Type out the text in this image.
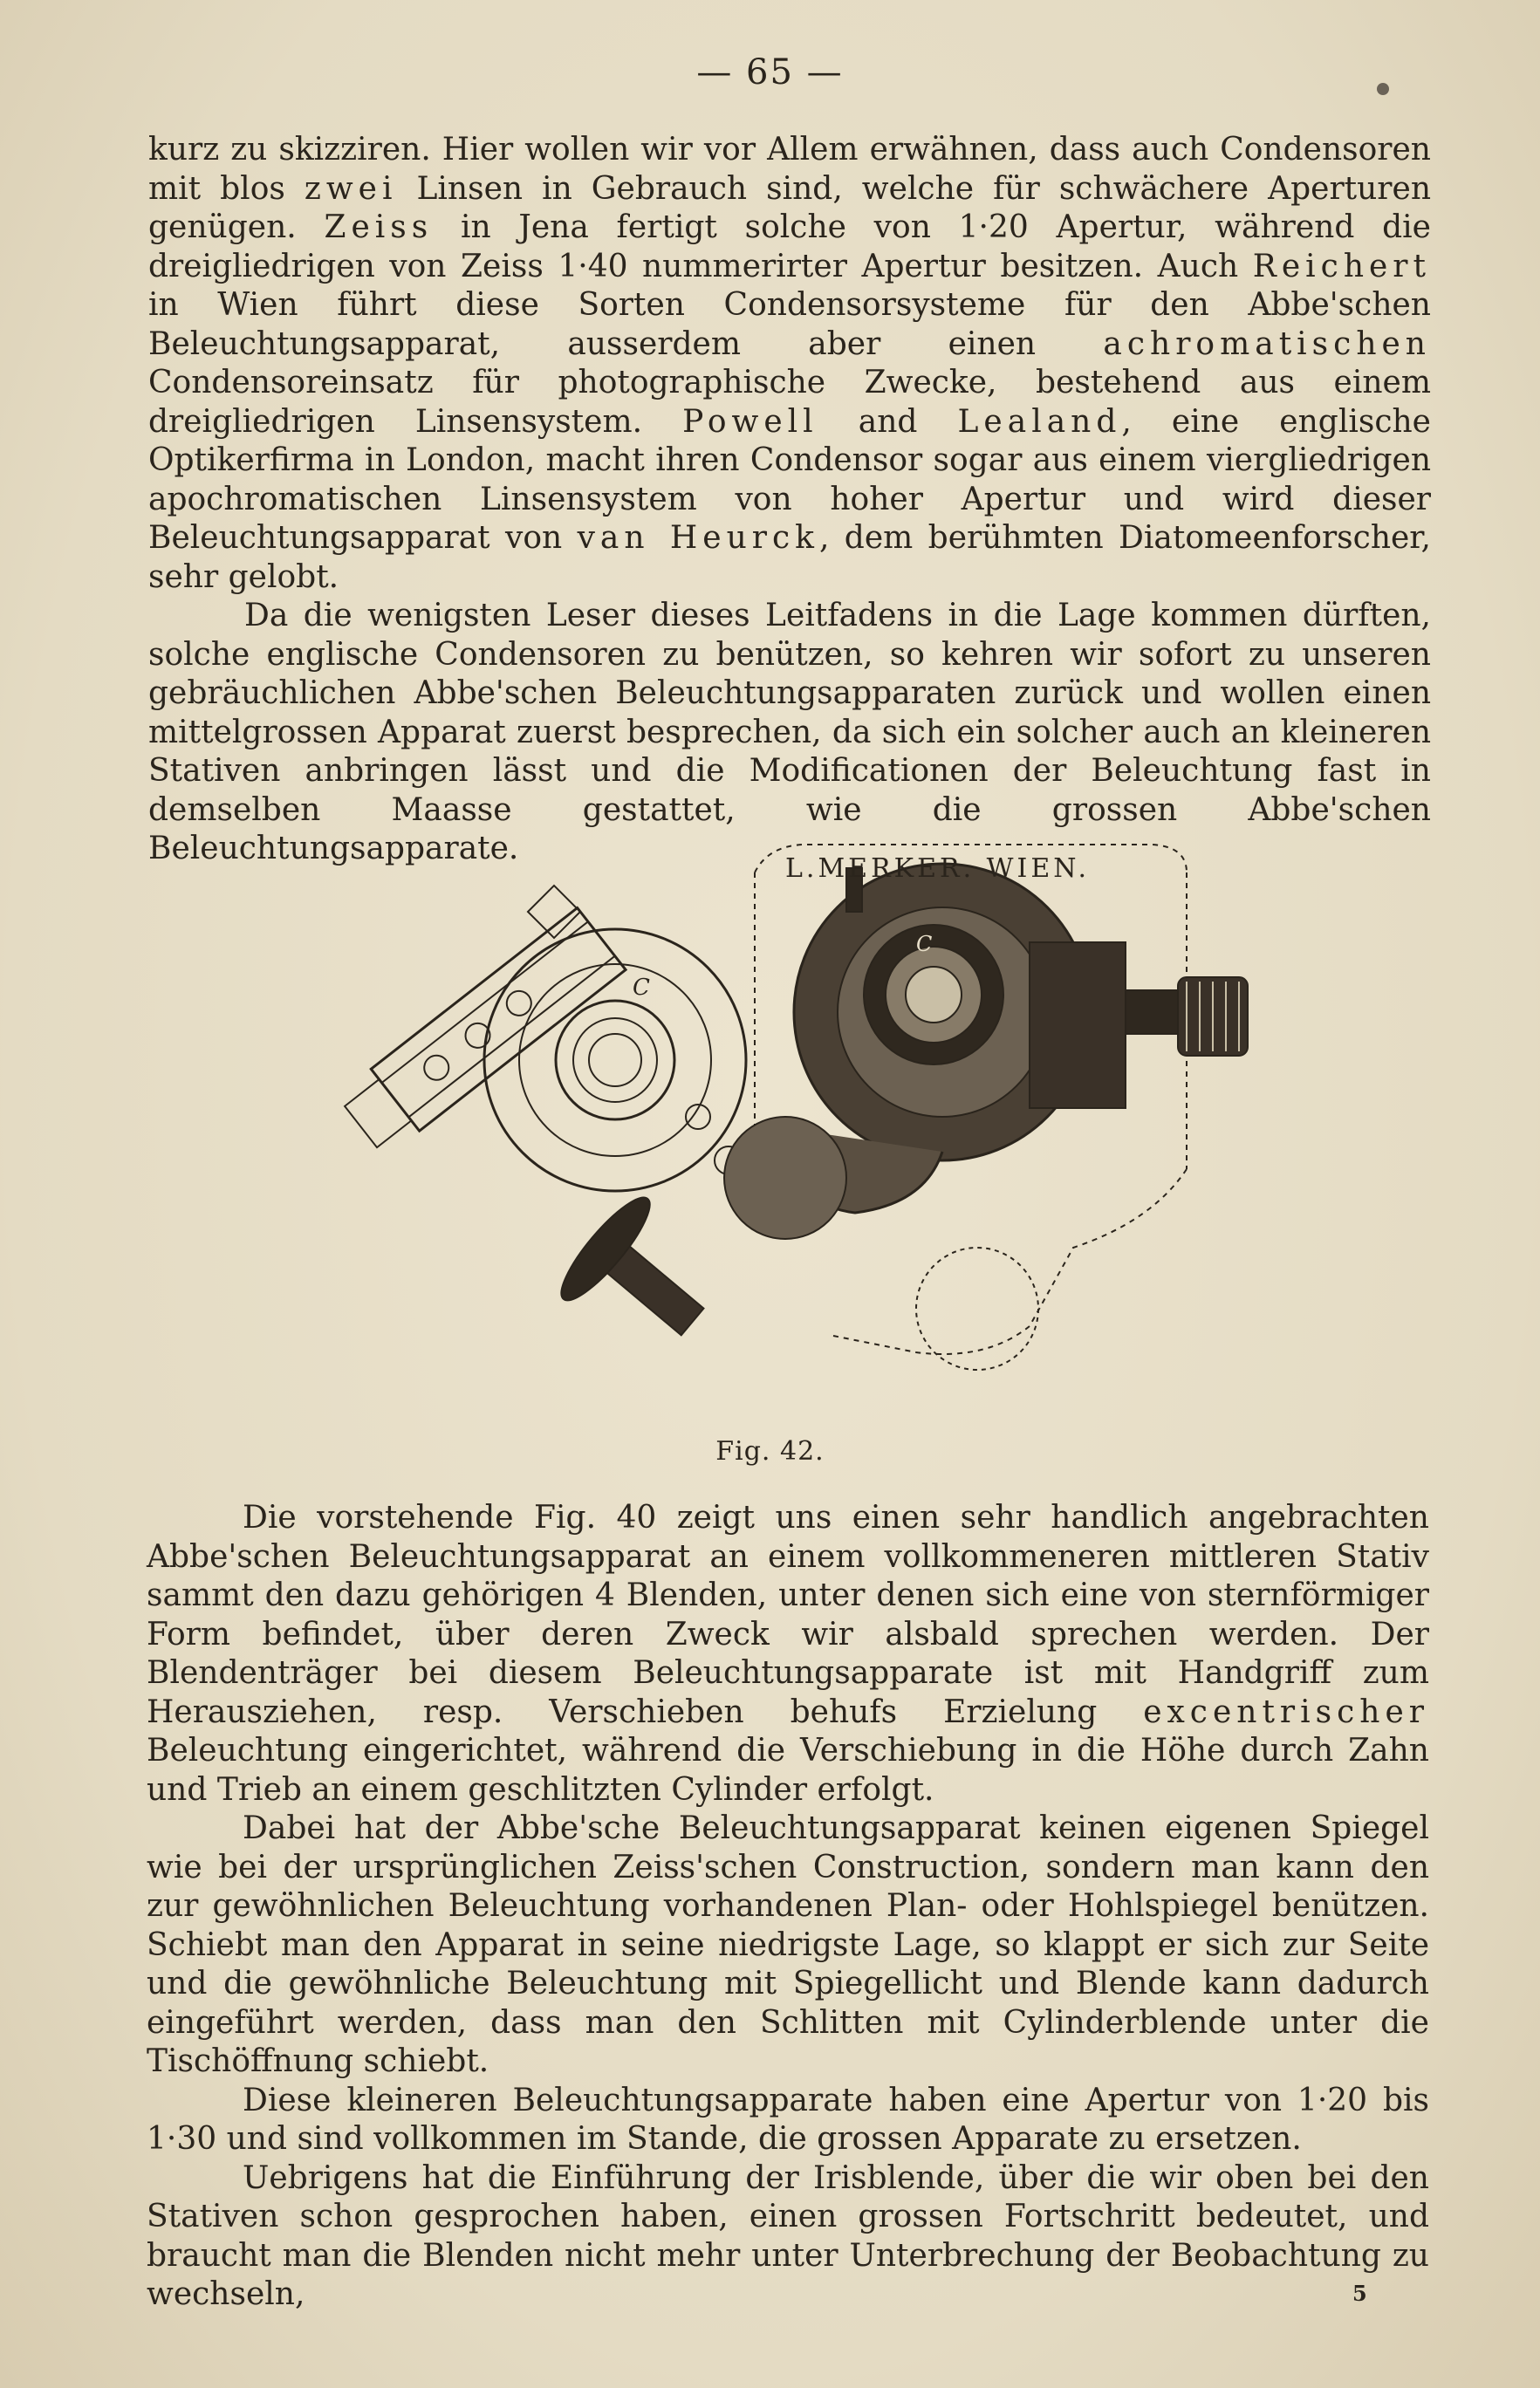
— 65 —

kurz zu skizziren. Hier wollen wir vor Allem erwähnen, dass auch Condensoren mit blos zwei Linsen in Gebrauch sind, welche für schwächere Aperturen genügen. Zeiss in Jena fertigt solche von 1·20 Apertur, während die dreigliedrigen von Zeiss 1·40 nummerirter Apertur besitzen. Auch Reichert in Wien führt diese Sorten Condensorsysteme für den Abbe'schen Beleuchtungsapparat, ausserdem aber einen achromatischen Condensoreinsatz für photographische Zwecke, bestehend aus einem dreigliedrigen Linsensystem. Powell and Lealand, eine englische Optikerfirma in London, macht ihren Condensor sogar aus einem viergliedrigen apochromatischen Linsensystem von hoher Apertur und wird dieser Beleuchtungsapparat von van Heurck, dem berühmten Diatomeenforscher, sehr gelobt.

Da die wenigsten Leser dieses Leitfadens in die Lage kommen dürften, solche englische Condensoren zu benützen, so kehren wir sofort zu unseren gebräuchlichen Abbe'schen Beleuchtungsapparaten zurück und wollen einen mittelgrossen Apparat zuerst besprechen, da sich ein solcher auch an kleineren Stativen anbringen lässt und die Modificationen der Beleuchtung fast in demselben Maasse gestattet, wie die grossen Abbe'schen Beleuchtungsapparate.

L.MERKER. WIEN.
C
C
Fig. 42.

Die vorstehende Fig. 40 zeigt uns einen sehr handlich angebrachten Abbe'schen Beleuchtungsapparat an einem vollkommeneren mittleren Stativ sammt den dazu gehörigen 4 Blenden, unter denen sich eine von sternförmiger Form befindet, über deren Zweck wir alsbald sprechen werden. Der Blendenträger bei diesem Beleuchtungsapparate ist mit Handgriff zum Herausziehen, resp. Verschieben behufs Erzielung excentrischer Beleuchtung eingerichtet, während die Verschiebung in die Höhe durch Zahn und Trieb an einem geschlitzten Cylinder erfolgt.

Dabei hat der Abbe'sche Beleuchtungsapparat keinen eigenen Spiegel wie bei der ursprünglichen Zeiss'schen Construction, sondern man kann den zur gewöhnlichen Beleuchtung vorhandenen Plan- oder Hohlspiegel benützen. Schiebt man den Apparat in seine niedrigste Lage, so klappt er sich zur Seite und die gewöhnliche Beleuchtung mit Spiegellicht und Blende kann dadurch eingeführt werden, dass man den Schlitten mit Cylinderblende unter die Tischöffnung schiebt.

Diese kleineren Beleuchtungsapparate haben eine Apertur von 1·20 bis 1·30 und sind vollkommen im Stande, die grossen Apparate zu ersetzen.

Uebrigens hat die Einführung der Irisblende, über die wir oben bei den Stativen schon gesprochen haben, einen grossen Fortschritt bedeutet, und braucht man die Blenden nicht mehr unter Unterbrechung der Beobachtung zu wechseln,	5
